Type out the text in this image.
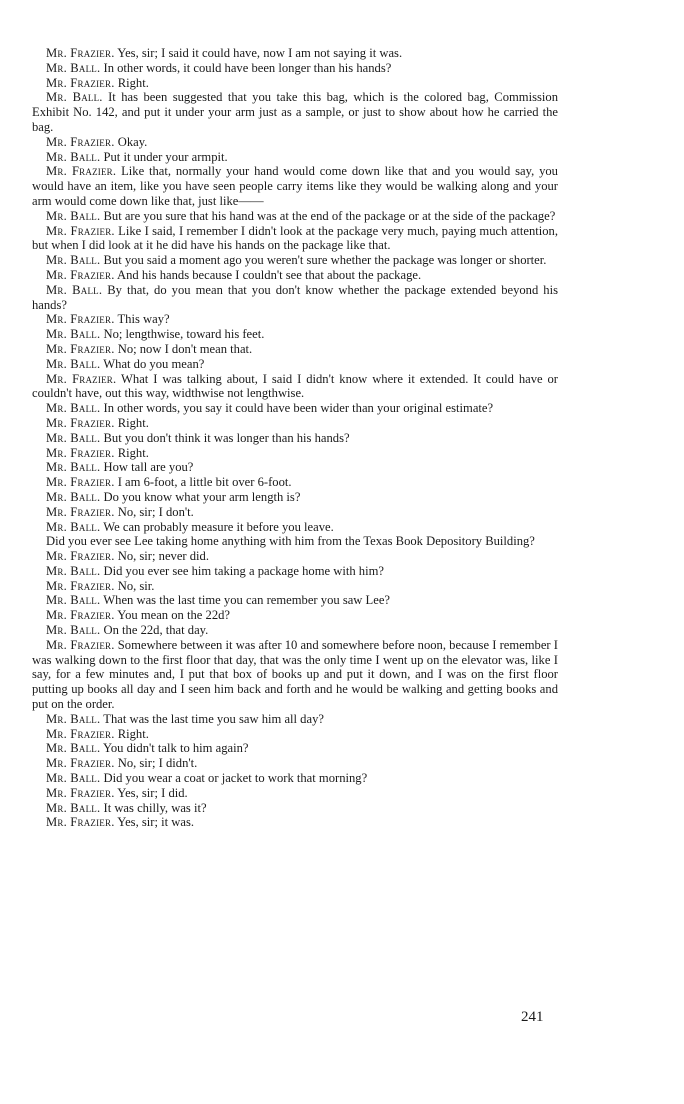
Mr. Frazier. Yes, sir; I said it could have, now I am not saying it was.

Mr. Ball. In other words, it could have been longer than his hands?

Mr. Frazier. Right.

Mr. Ball. It has been suggested that you take this bag, which is the colored bag, Commission Exhibit No. 142, and put it under your arm just as a sample, or just to show about how he carried the bag.

Mr. Frazier. Okay.

Mr. Ball. Put it under your armpit.

Mr. Frazier. Like that, normally your hand would come down like that and you would say, you would have an item, like you have seen people carry items like they would be walking along and your arm would come down like that, just like——

Mr. Ball. But are you sure that his hand was at the end of the package or at the side of the package?

Mr. Frazier. Like I said, I remember I didn't look at the package very much, paying much attention, but when I did look at it he did have his hands on the package like that.

Mr. Ball. But you said a moment ago you weren't sure whether the package was longer or shorter.

Mr. Frazier. And his hands because I couldn't see that about the package.

Mr. Ball. By that, do you mean that you don't know whether the package extended beyond his hands?

Mr. Frazier. This way?

Mr. Ball. No; lengthwise, toward his feet.

Mr. Frazier. No; now I don't mean that.

Mr. Ball. What do you mean?

Mr. Frazier. What I was talking about, I said I didn't know where it extended. It could have or couldn't have, out this way, widthwise not lengthwise.

Mr. Ball. In other words, you say it could have been wider than your original estimate?

Mr. Frazier. Right.

Mr. Ball. But you don't think it was longer than his hands?

Mr. Frazier. Right.

Mr. Ball. How tall are you?

Mr. Frazier. I am 6-foot, a little bit over 6-foot.

Mr. Ball. Do you know what your arm length is?

Mr. Frazier. No, sir; I don't.

Mr. Ball. We can probably measure it before you leave.

Did you ever see Lee taking home anything with him from the Texas Book Depository Building?

Mr. Frazier. No, sir; never did.

Mr. Ball. Did you ever see him taking a package home with him?

Mr. Frazier. No, sir.

Mr. Ball. When was the last time you can remember you saw Lee?

Mr. Frazier. You mean on the 22d?

Mr. Ball. On the 22d, that day.

Mr. Frazier. Somewhere between it was after 10 and somewhere before noon, because I remember I was walking down to the first floor that day, that was the only time I went up on the elevator was, like I say, for a few minutes and, I put that box of books up and put it down, and I was on the first floor putting up books all day and I seen him back and forth and he would be walking and getting books and put on the order.

Mr. Ball. That was the last time you saw him all day?

Mr. Frazier. Right.

Mr. Ball. You didn't talk to him again?

Mr. Frazier. No, sir; I didn't.

Mr. Ball. Did you wear a coat or jacket to work that morning?

Mr. Frazier. Yes, sir; I did.

Mr. Ball. It was chilly, was it?

Mr. Frazier. Yes, sir; it was.

241
